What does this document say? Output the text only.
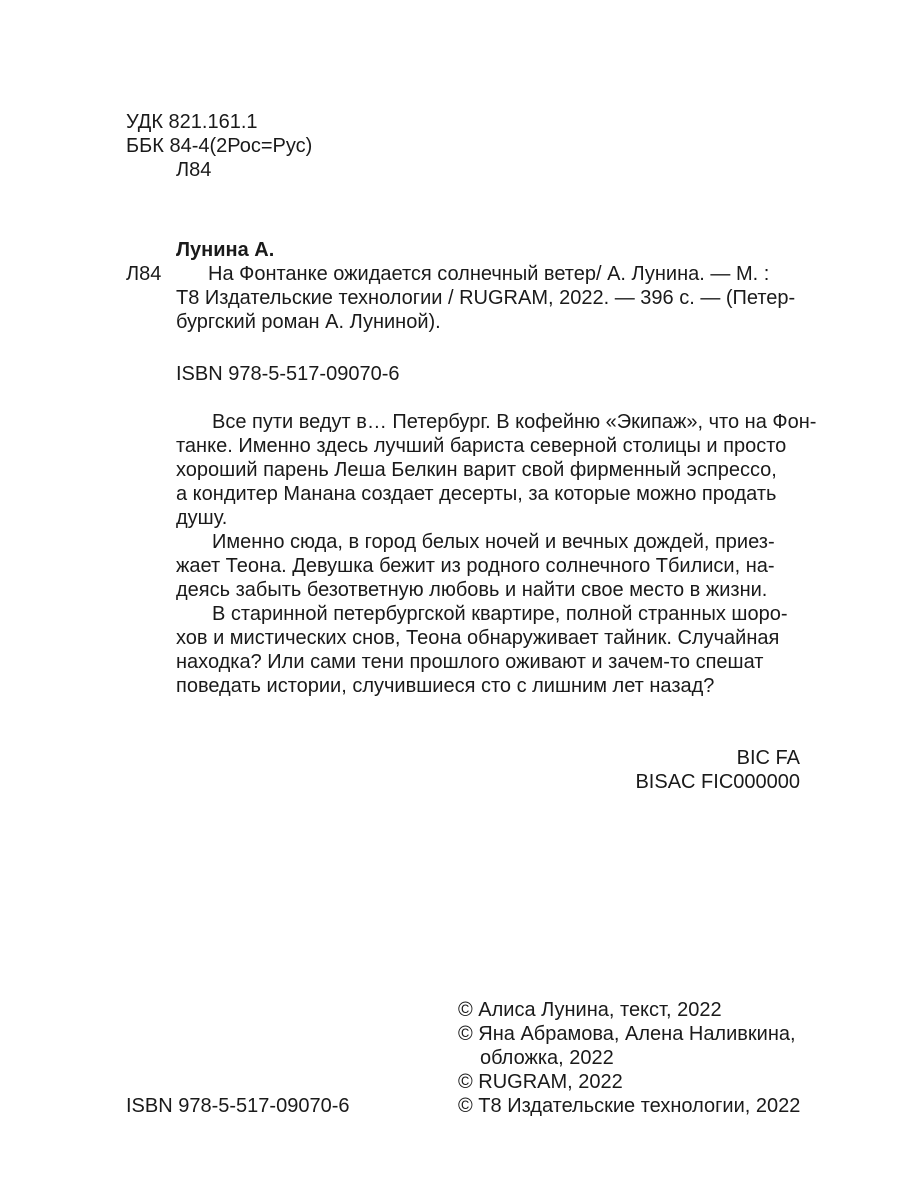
УДК 821.161.1
ББК 84-4(2Рос=Рус)
Л84
Лунина А.
Л84	На Фонтанке ожидается солнечный ветер/ А. Лунина. — М. :
Т8 Издательские технологии / RUGRAM, 2022. — 396 с. — (Петер-
бургский роман А. Луниной).
ISBN 978-5-517-09070-6
Все пути ведут в… Петербург. В кофейню «Экипаж», что на Фон-
танке. Именно здесь лучший бариста северной столицы и просто
хороший парень Леша Белкин варит свой фирменный эспрессо,
а кондитер Манана создает десерты, за которые можно продать
душу.
Именно сюда, в город белых ночей и вечных дождей, приез-
жает Теона. Девушка бежит из родного солнечного Тбилиси, на-
деясь забыть безответную любовь и найти свое место в жизни.
В старинной петербургской квартире, полной странных шоро-
хов и мистических снов, Теона обнаруживает тайник. Случайная
находка? Или сами тени прошлого оживают и зачем-то спешат
поведать истории, случившиеся сто с лишним лет назад?
BIC FA
BISAC FIC000000
© Алиса Лунина, текст, 2022
© Яна Абрамова, Алена Наливкина,
обложка, 2022
© RUGRAM, 2022
© Т8 Издательские технологии, 2022
ISBN 978-5-517-09070-6
